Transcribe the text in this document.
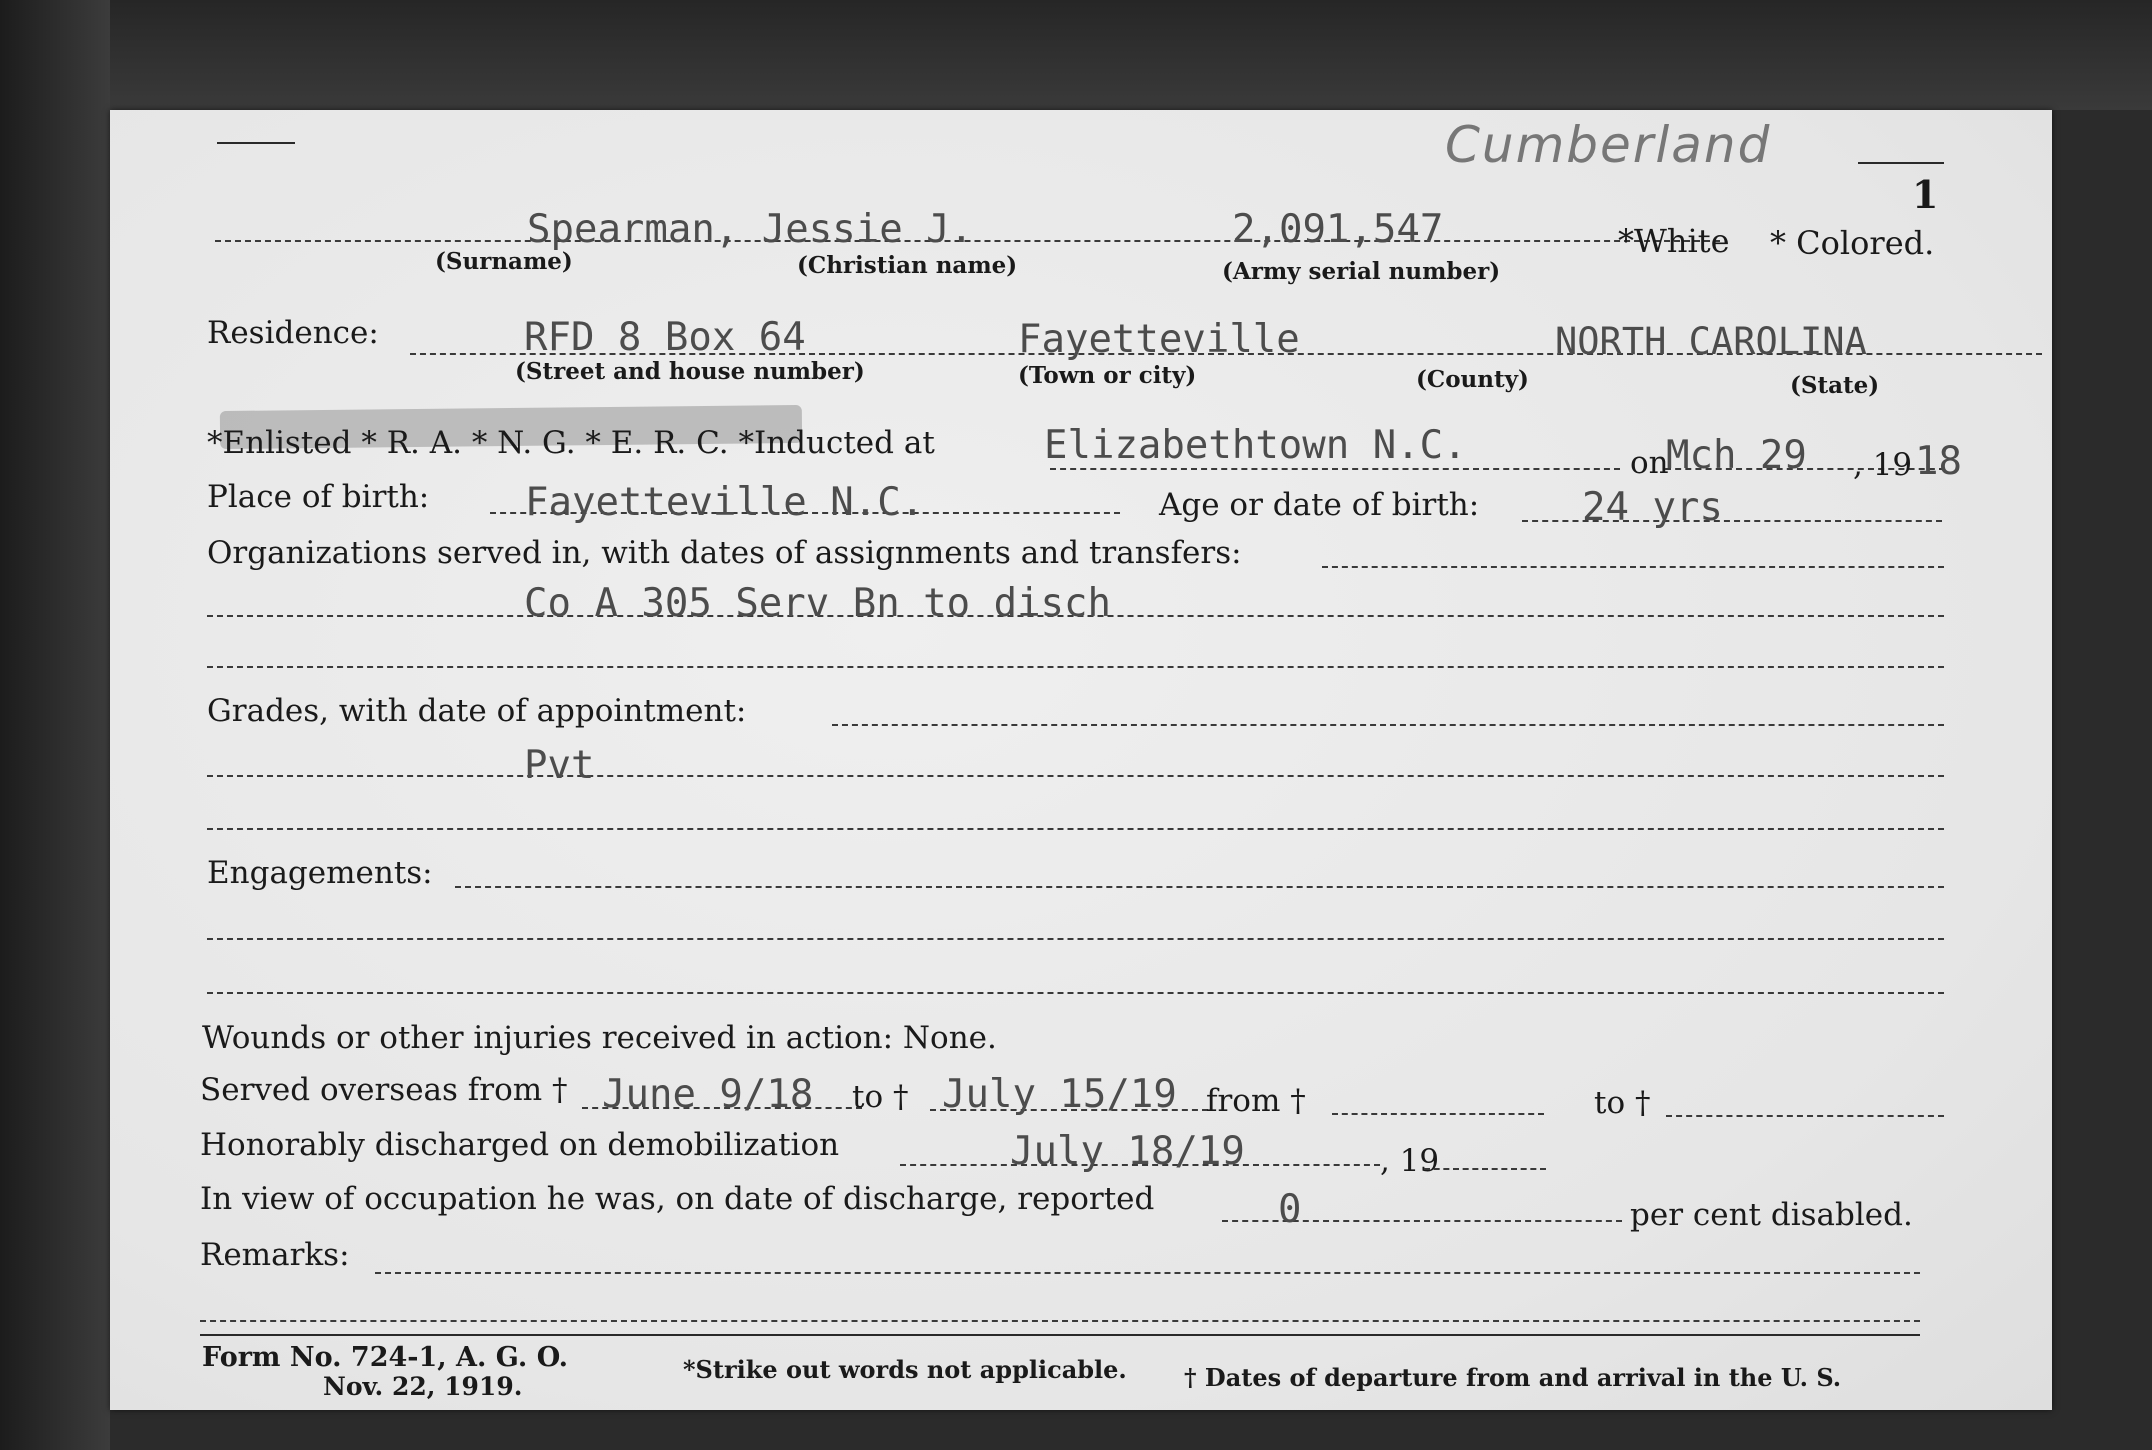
Cumberland
1
Spearman, Jessie J.	2,091,547	*White * Colored.
(Surname)	(Christian name)	(Army serial number)
Residence:	RFD 8 Box 64	Fayetteville	NORTH CAROLINA
(Street and house number)	(Town or city)	(County)	(State)
*Enlisted * R. A. * N. G. * E. R. C. *Inducted at	Elizabethtown N.C.	on
Mch 29 , 19 18
Place of birth: Fayetteville N.C.	Age or date of birth:	24 yrs
Organizations served in, with dates of assignments and transfers:
Co A 305 Serv Bn to disch
Grades, with date of appointment:
Pvt
Engagements:
Wounds or other injuries received in action: None.
Served overseas from † June 9/18 to † July 15/19 from †	to †
Honorably discharged on demobilization	July 18/19	, 19
In view of occupation he was, on date of discharge, reported	0	per cent disabled.
Remarks:
Form No. 724-1, A. G. O.
Nov. 22, 1919.
*Strike out words not applicable. † Dates of departure from and arrival in the U. S.
